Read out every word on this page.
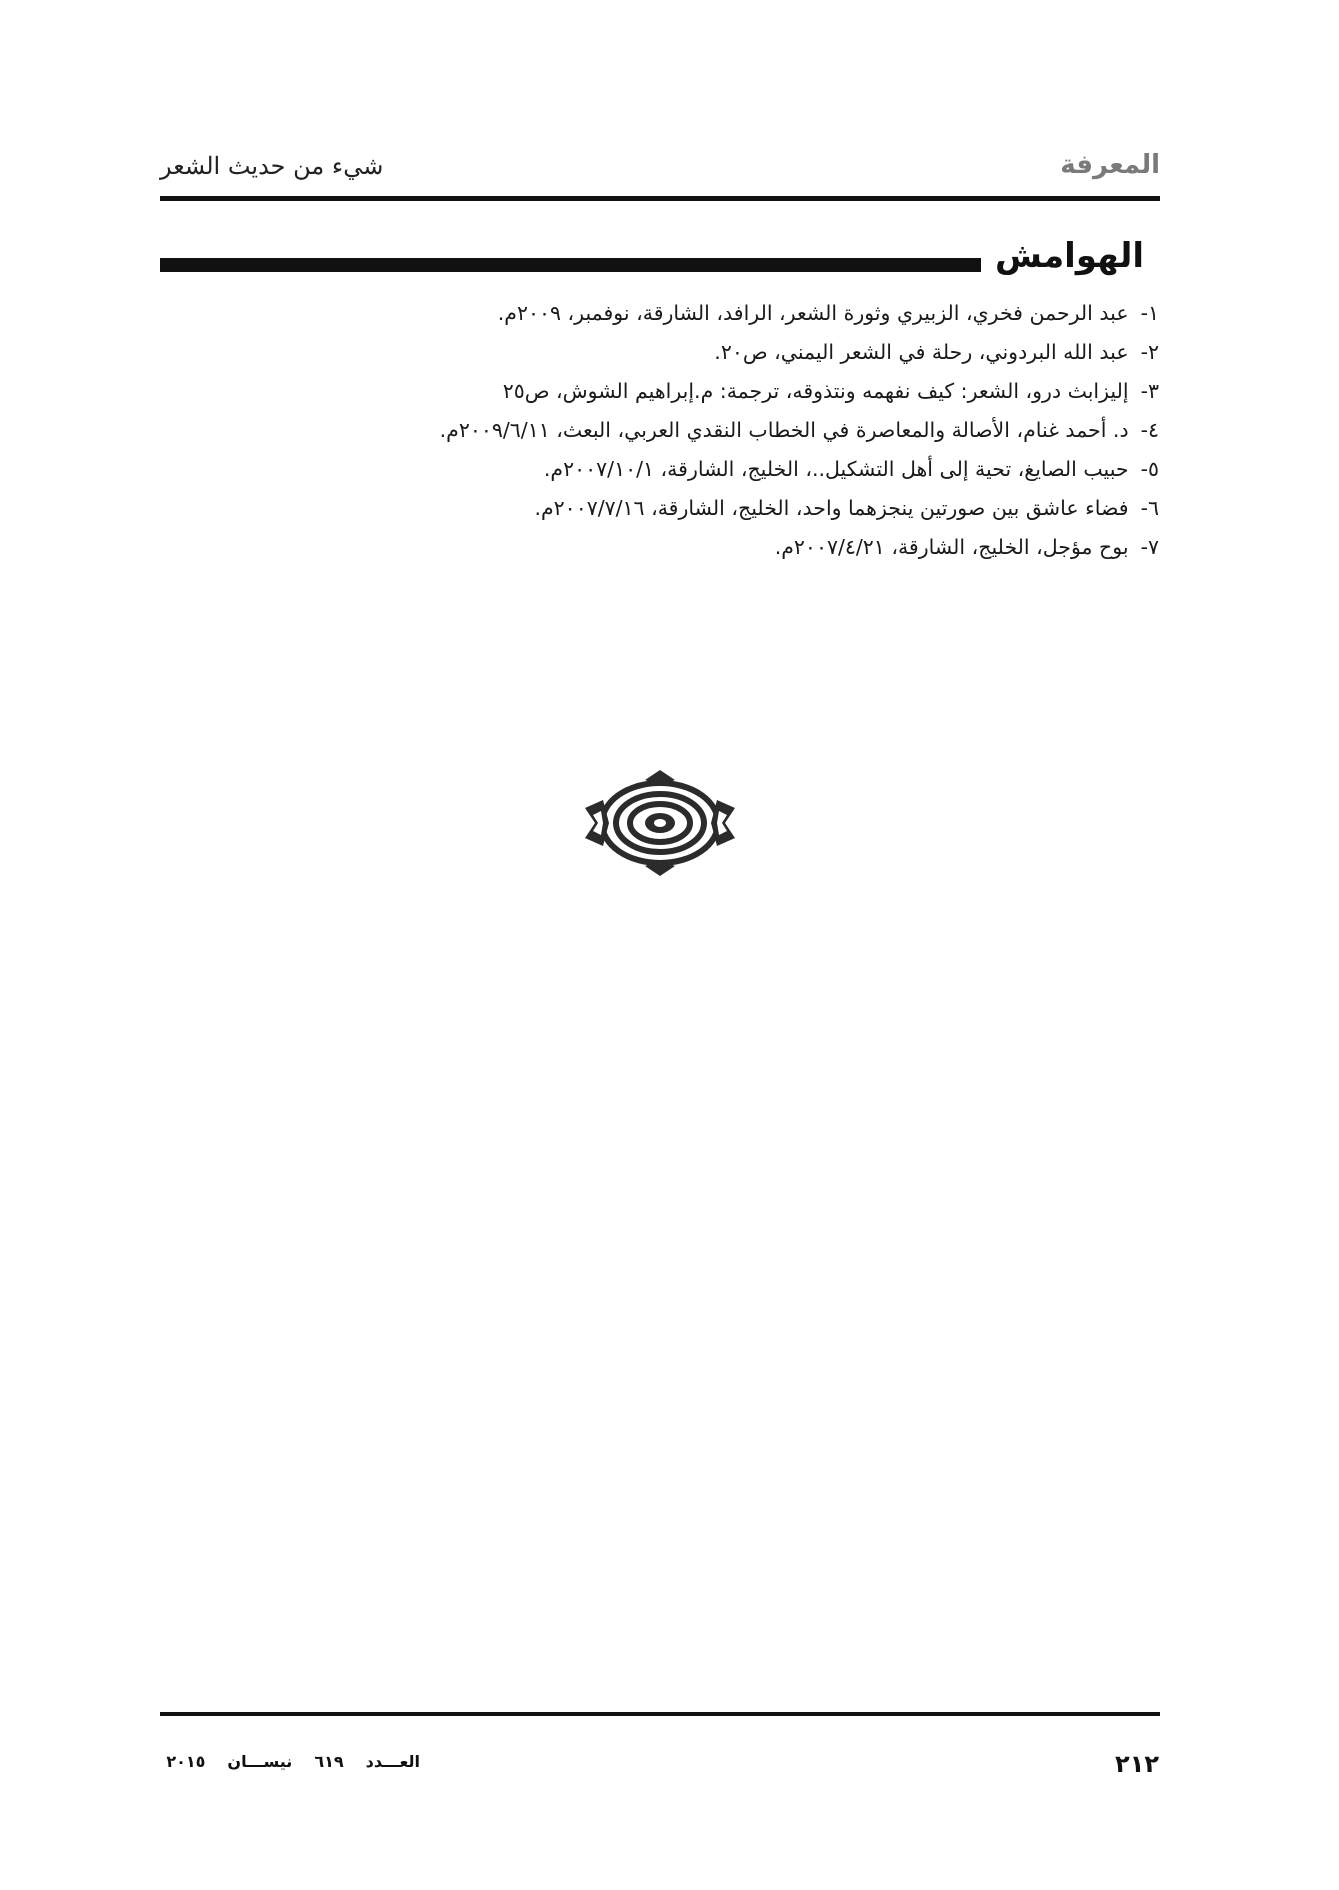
شيء من حديث الشعر	المعرفة
الهوامش
١-عبد الرحمن فخري، الزبيري وثورة الشعر، الرافد، الشارقة، نوفمبر، ٢٠٠٩م.
٢-عبد الله البردوني، رحلة في الشعر اليمني، ص٢٠.
٣-إليزابث درو، الشعر: كيف نفهمه ونتذوقه، ترجمة: م.إبراهيم الشوش، ص٢٥
٤-د. أحمد غنام، الأصالة والمعاصرة في الخطاب النقدي العربي، البعث، ٢٠٠٩/٦/١١م.
٥-حبيب الصايغ، تحية إلى أهل التشكيل..، الخليج، الشارقة، ٢٠٠٧/١٠/١م.
٦-فضاء عاشق بين صورتين ينجزهما واحد، الخليج، الشارقة، ٢٠٠٧/٧/١٦م.
٧-بوح مؤجل، الخليج، الشارقة، ٢٠٠٧/٤/٢١م.
٢١٢
العـــدد٦١٩نيســـان٢٠١٥
